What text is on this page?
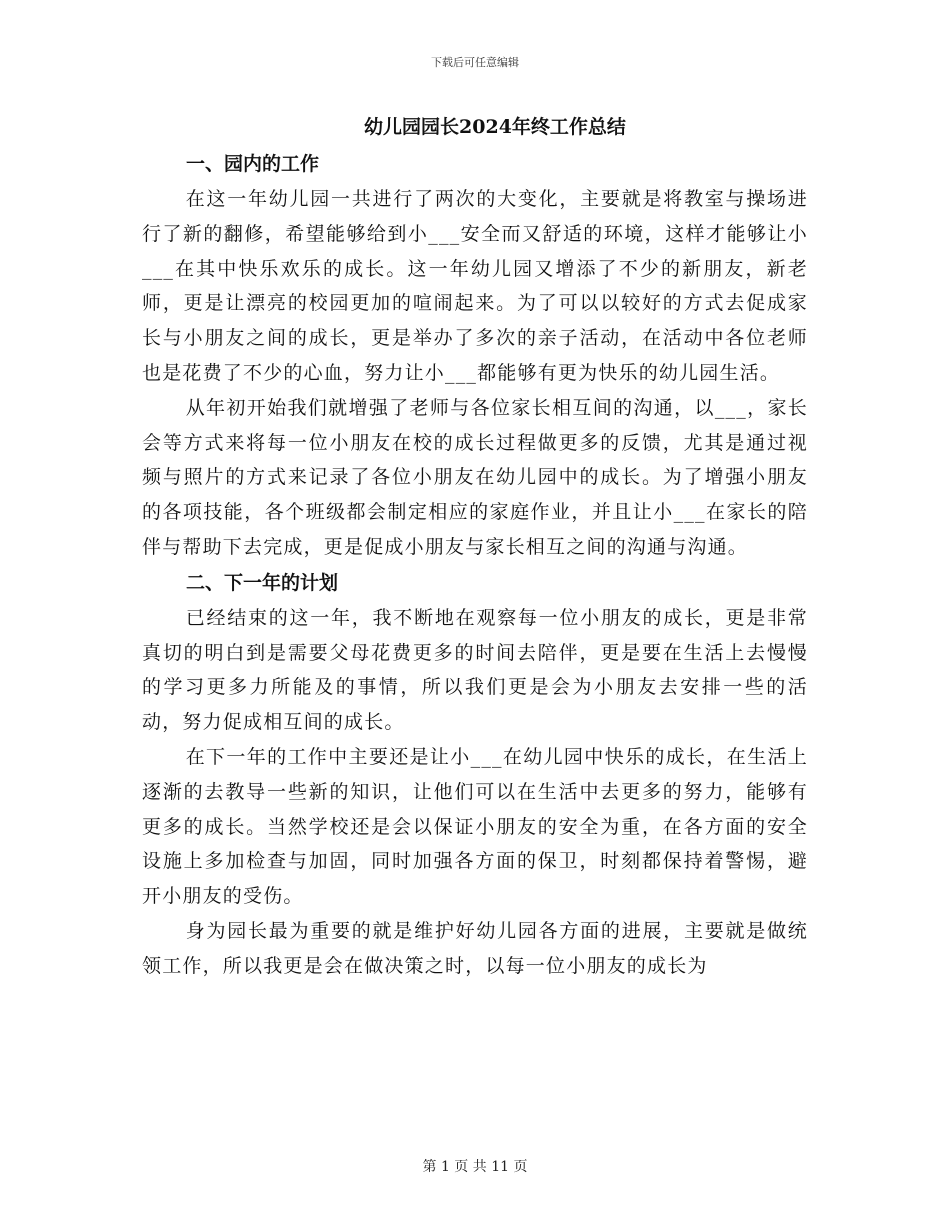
下载后可任意编辑
幼儿园园长2024年终工作总结
一、园内的工作

在这一年幼儿园一共进行了两次的大变化，主要就是将教室与操场进行了新的翻修，希望能够给到小___安全而又舒适的环境，这样才能够让小___在其中快乐欢乐的成长。这一年幼儿园又增添了不少的新朋友，新老师，更是让漂亮的校园更加的喧闹起来。为了可以以较好的方式去促成家长与小朋友之间的成长，更是举办了多次的亲子活动，在活动中各位老师也是花费了不少的心血，努力让小___都能够有更为快乐的幼儿园生活。

从年初开始我们就增强了老师与各位家长相互间的沟通，以___，家长会等方式来将每一位小朋友在校的成长过程做更多的反馈，尤其是通过视频与照片的方式来记录了各位小朋友在幼儿园中的成长。为了增强小朋友的各项技能，各个班级都会制定相应的家庭作业，并且让小___在家长的陪伴与帮助下去完成，更是促成小朋友与家长相互之间的沟通与沟通。

二、下一年的计划

已经结束的这一年，我不断地在观察每一位小朋友的成长，更是非常真切的明白到是需要父母花费更多的时间去陪伴，更是要在生活上去慢慢的学习更多力所能及的事情，所以我们更是会为小朋友去安排一些的活动，努力促成相互间的成长。

在下一年的工作中主要还是让小___在幼儿园中快乐的成长，在生活上逐渐的去教导一些新的知识，让他们可以在生活中去更多的努力，能够有更多的成长。当然学校还是会以保证小朋友的安全为重，在各方面的安全设施上多加检查与加固，同时加强各方面的保卫，时刻都保持着警惕，避开小朋友的受伤。

身为园长最为重要的就是维护好幼儿园各方面的进展，主要就是做统领工作，所以我更是会在做决策之时，以每一位小朋友的成长为

第 1 页 共 11 页
